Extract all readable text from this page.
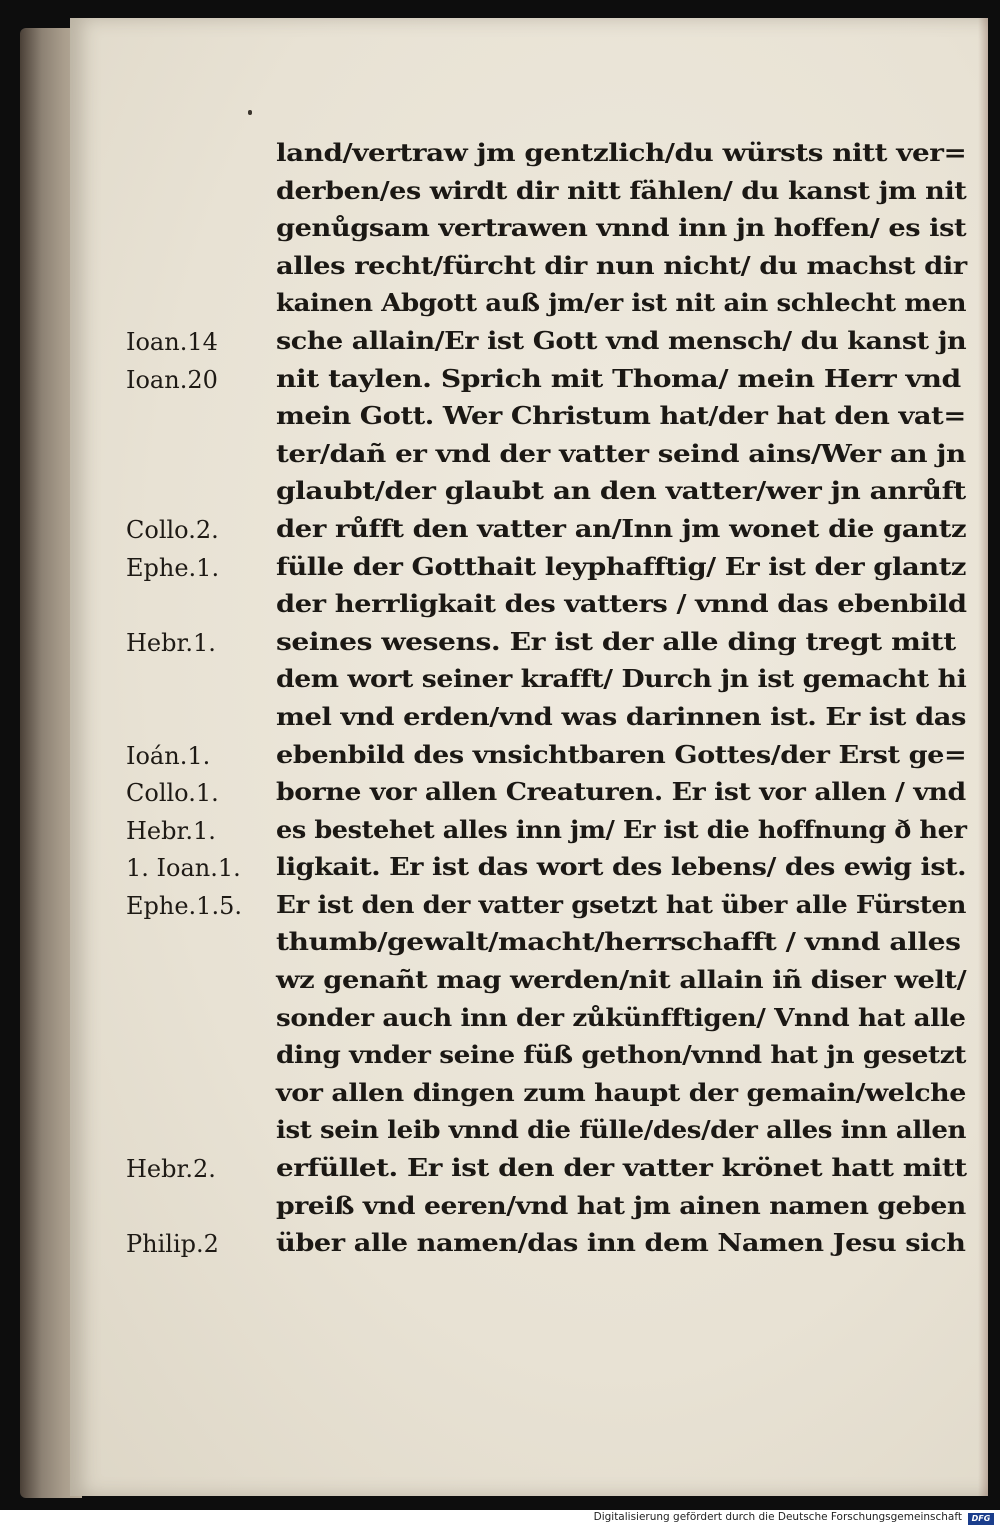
Ioan.14
Ioan.20
Collo.2.
Ephe.1.
Hebr.1.
Ioán.1.
Collo.1.
Hebr.1.
1. Ioan.1.
Ephe.1.5.
Hebr.2.
Philip.2
land/vertraw jm gentzlich/du würsts nitt ver=
derben/es wirdt dir nitt fählen/ du kanst jm nit
genůgsam vertrawen vnnd inn jn hoffen/ es ist
alles recht/fürcht dir nun nicht/ du machst dir
kainen Abgott auß jm/er ist nit ain schlecht men
sche allain/Er ist Gott vnd mensch/ du kanst jn
nit taylen. Sprich mit Thoma/ mein Herr vnd
mein Gott. Wer Christum hat/der hat den vat=
ter/dañ er vnd der vatter seind ains/Wer an jn
glaubt/der glaubt an den vatter/wer jn anrůft
der růfft den vatter an/Inn jm wonet die gantz
fülle der Gotthait leyphafftig/ Er ist der glantz
der herrligkait des vatters / vnnd das ebenbild
seines wesens. Er ist der alle ding tregt mitt
dem wort seiner krafft/ Durch jn ist gemacht hi
mel vnd erden/vnd was darinnen ist. Er ist das
ebenbild des vnsichtbaren Gottes/der Erst ge=
borne vor allen Creaturen. Er ist vor allen / vnd
es bestehet alles inn jm/ Er ist die hoffnung ð her
ligkait. Er ist das wort des lebens/ des ewig ist.
Er ist den der vatter gsetzt hat über alle Fürsten
thumb/gewalt/macht/herrschafft / vnnd alles
wz genañt mag werden/nit allain iñ diser welt/
sonder auch inn der zůkünfftigen/ Vnnd hat alle
ding vnder seine füß gethon/vnnd hat jn gesetzt
vor allen dingen zum haupt der gemain/welche
ist sein leib vnnd die fülle/des/der alles inn allen
erfüllet. Er ist den der vatter krönet hatt mitt
preiß vnd eeren/vnd hat jm ainen namen geben
über alle namen/das inn dem Namen Jesu sich
Digitalisierung gefördert durch die Deutsche Forschungsgemeinschaft	DFG
